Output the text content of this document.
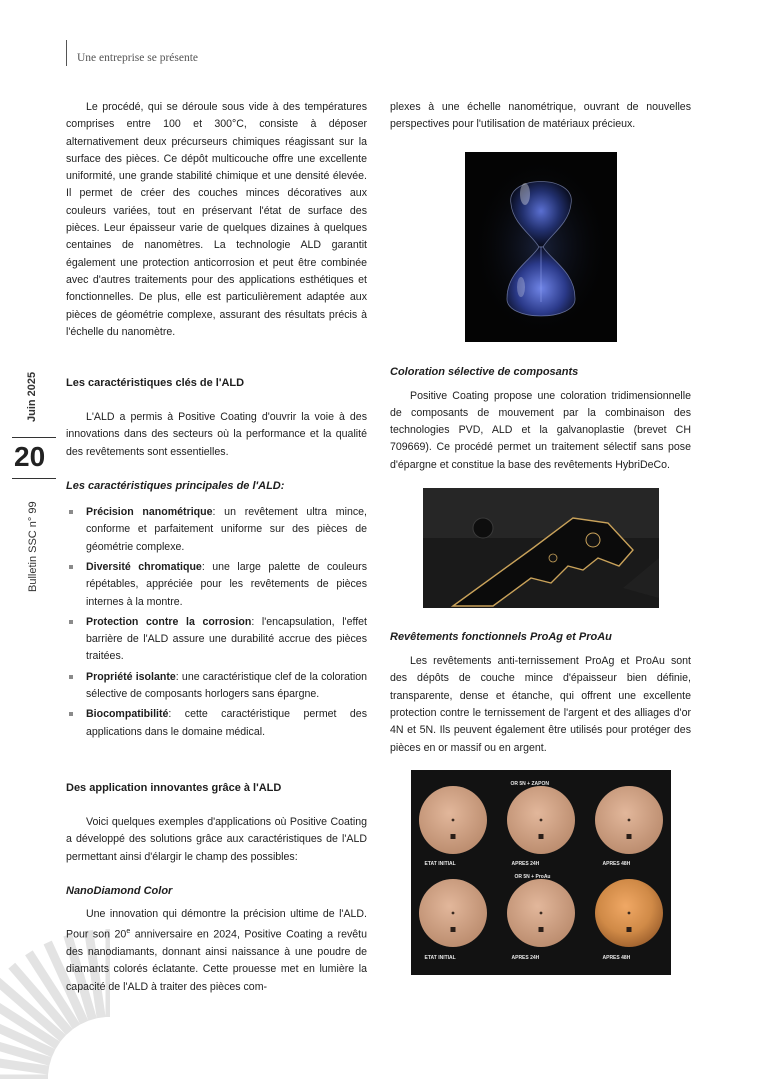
Une entreprise se présente
Juin 2025
20
Bulletin SSC n° 99

Le procédé, qui se déroule sous vide à des températures comprises entre 100 et 300°C, consiste à déposer alternativement deux précurseurs chimiques réagissant sur la surface des pièces. Ce dépôt multicouche offre une excellente uniformité, une grande stabilité chimique et une densité élevée. Il permet de créer des couches minces décoratives aux couleurs variées, tout en préservant l'état de surface des pièces. Leur épaisseur varie de quelques dizaines à quelques centaines de nanomètres. La technologie ALD garantit également une protection anticorrosion et peut être combinée avec d'autres traitements pour des applications esthétiques et fonctionnelles. De plus, elle est particulièrement adaptée aux pièces de géométrie complexe, assurant des résultats précis à l'échelle du nanomètre.

Les caractéristiques clés de l'ALD

L'ALD a permis à Positive Coating d'ouvrir la voie à des innovations dans des secteurs où la performance et la qualité des revêtements sont essentielles.

Les caractéristiques principales de l'ALD:
Précision nanométrique: un revêtement ultra mince, conforme et parfaitement uniforme sur des pièces de géométrie complexe.
Diversité chromatique: une large palette de couleurs répétables, appréciée pour les revêtements de pièces internes à la montre.
Protection contre la corrosion: l'encapsulation, l'effet barrière de l'ALD assure une durabilité accrue des pièces traitées.
Propriété isolante: une caractéristique clef de la coloration sélective de composants horlogers sans épargne.
Biocompatibilité: cette caractéristique permet des applications dans le domaine médical.
Des application innovantes grâce à l'ALD

Voici quelques exemples d'applications où Positive Coating a développé des solutions grâce aux caractéristiques de l'ALD permettant ainsi d'élargir le champ des possibles:

NanoDiamond Color

Une innovation qui démontre la précision ultime de l'ALD. Pour son 20e anniversaire en 2024, Positive Coating a revêtu des nanodiamants, donnant ainsi naissance à une poudre de diamants colorés éclatante. Cette prouesse met en lumière la capacité de l'ALD à traiter des pièces com-

plexes à une échelle nanométrique, ouvrant de nouvelles perspectives pour l'utilisation de matériaux précieux.

Coloration sélective de composants

Positive Coating propose une coloration tridimensionnelle de composants de mouvement par la combinaison des technologies PVD, ALD et la galvanoplastie (brevet CH 709669). Ce procédé permet un traitement sélectif sans pose d'épargne et constitue la base des revêtements HybriDeCo.

Revêtements fonctionnels ProAg et ProAu

Les revêtements anti-ternissement ProAg et ProAu sont des dépôts de couche mince d'épaisseur bien définie, transparente, dense et étanche, qui offrent une excellente protection contre le ternissement de l'argent et des alliages d'or 4N et 5N. Ils peuvent également être utilisés pour protéger des pièces en or massif ou en argent.

OR 5N + ZAPON
OR 5N + ProAu
ETAT INITIAL	APRES 24H	APRES 48H
ETAT INITIAL	APRES 24H	APRES 48H
